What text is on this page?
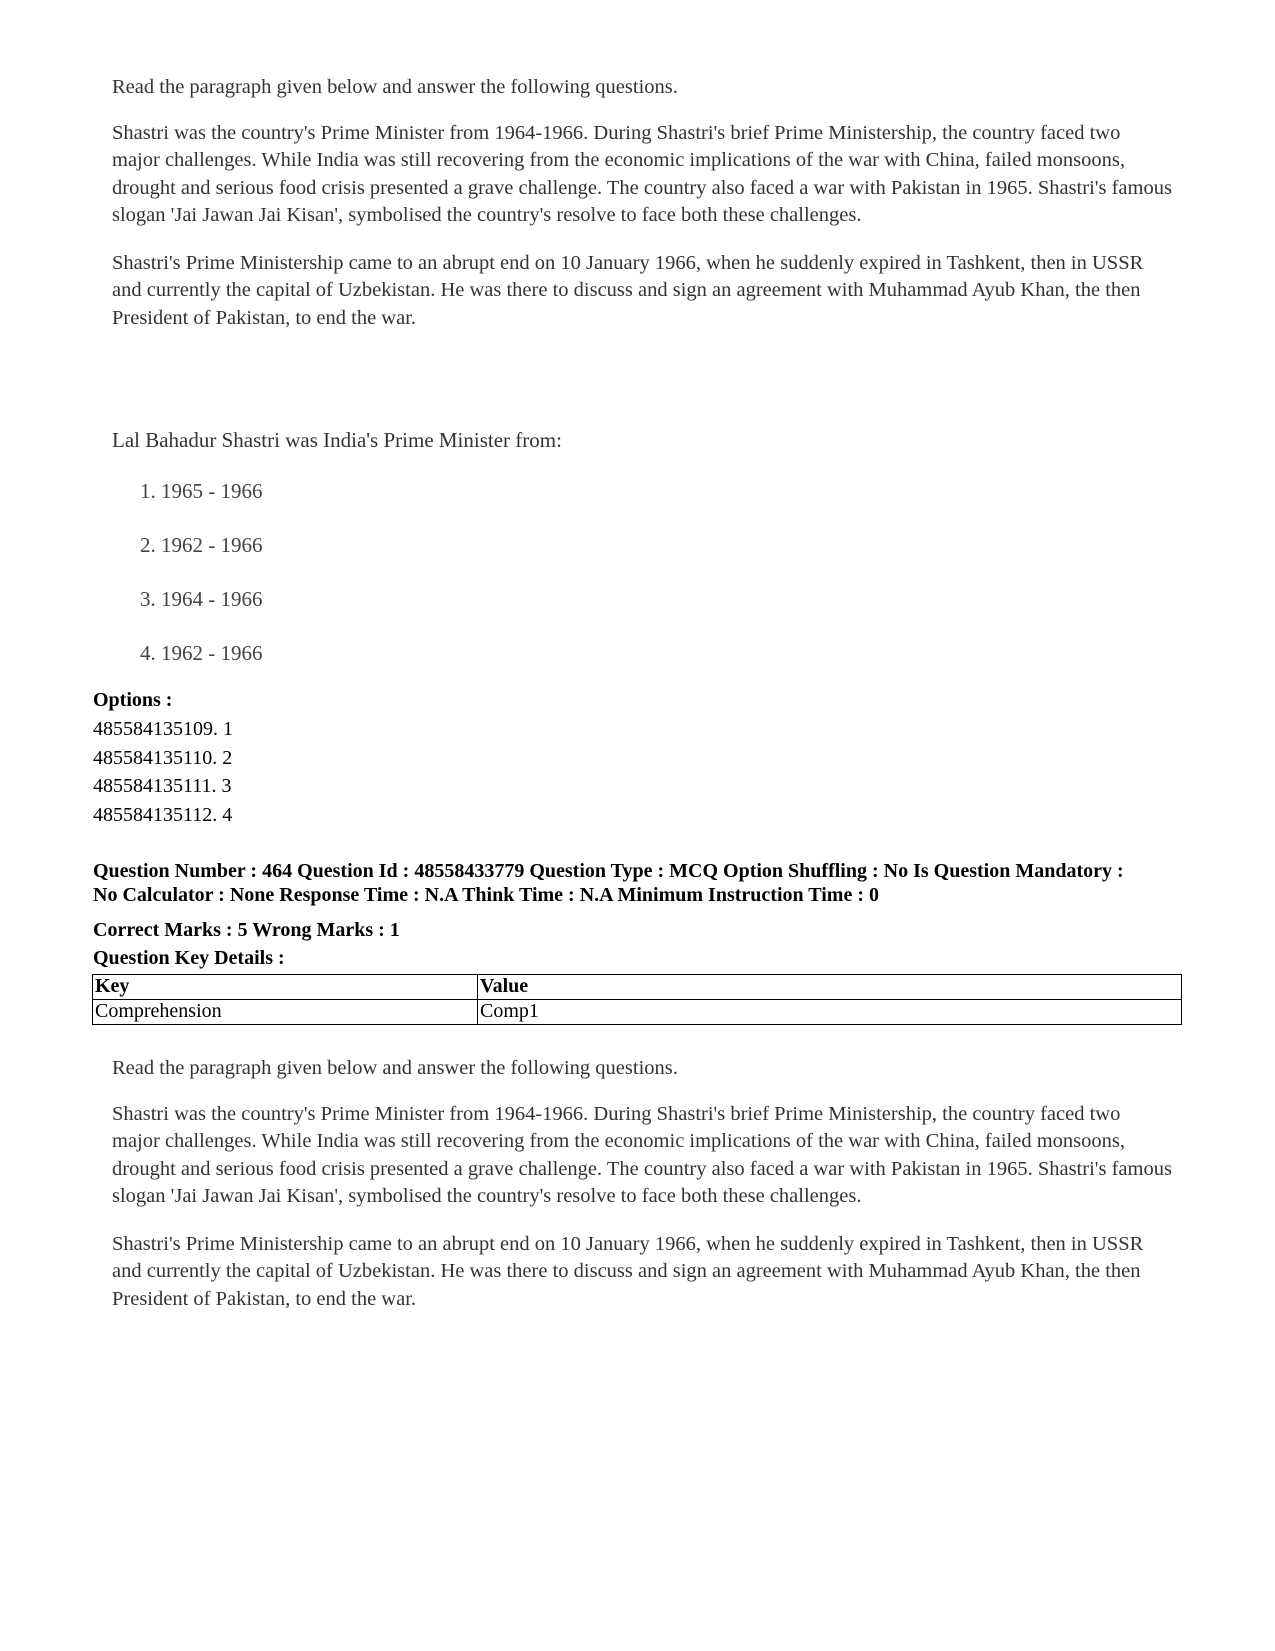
Read the paragraph given below and answer the following questions.

Shastri was the country's Prime Minister from 1964-1966. During Shastri's brief Prime Ministership, the country faced two major challenges. While India was still recovering from the economic implications of the war with China, failed monsoons, drought and serious food crisis presented a grave challenge. The country also faced a war with Pakistan in 1965. Shastri's famous slogan 'Jai Jawan Jai Kisan', symbolised the country's resolve to face both these challenges.

Shastri's Prime Ministership came to an abrupt end on 10 January 1966, when he suddenly expired in Tashkent, then in USSR and currently the capital of Uzbekistan. He was there to discuss and sign an agreement with Muhammad Ayub Khan, the then President of Pakistan, to end the war.

Lal Bahadur Shastri was India's Prime Minister from:
1. 1965 - 1966
2. 1962 - 1966
3. 1964 - 1966
4. 1962 - 1966
Options :
485584135109. 1
485584135110. 2
485584135111. 3
485584135112. 4

Question Number : 464 Question Id : 48558433779 Question Type : MCQ Option Shuffling : No Is Question Mandatory :

No Calculator : None Response Time : N.A Think Time : N.A Minimum Instruction Time : 0

Correct Marks : 5 Wrong Marks : 1
Question Key Details :
Key	Value
Comprehension	Comp1

Read the paragraph given below and answer the following questions.

Shastri was the country's Prime Minister from 1964-1966. During Shastri's brief Prime Ministership, the country faced two major challenges. While India was still recovering from the economic implications of the war with China, failed monsoons, drought and serious food crisis presented a grave challenge. The country also faced a war with Pakistan in 1965. Shastri's famous slogan 'Jai Jawan Jai Kisan', symbolised the country's resolve to face both these challenges.

Shastri's Prime Ministership came to an abrupt end on 10 January 1966, when he suddenly expired in Tashkent, then in USSR and currently the capital of Uzbekistan. He was there to discuss and sign an agreement with Muhammad Ayub Khan, the then President of Pakistan, to end the war.
